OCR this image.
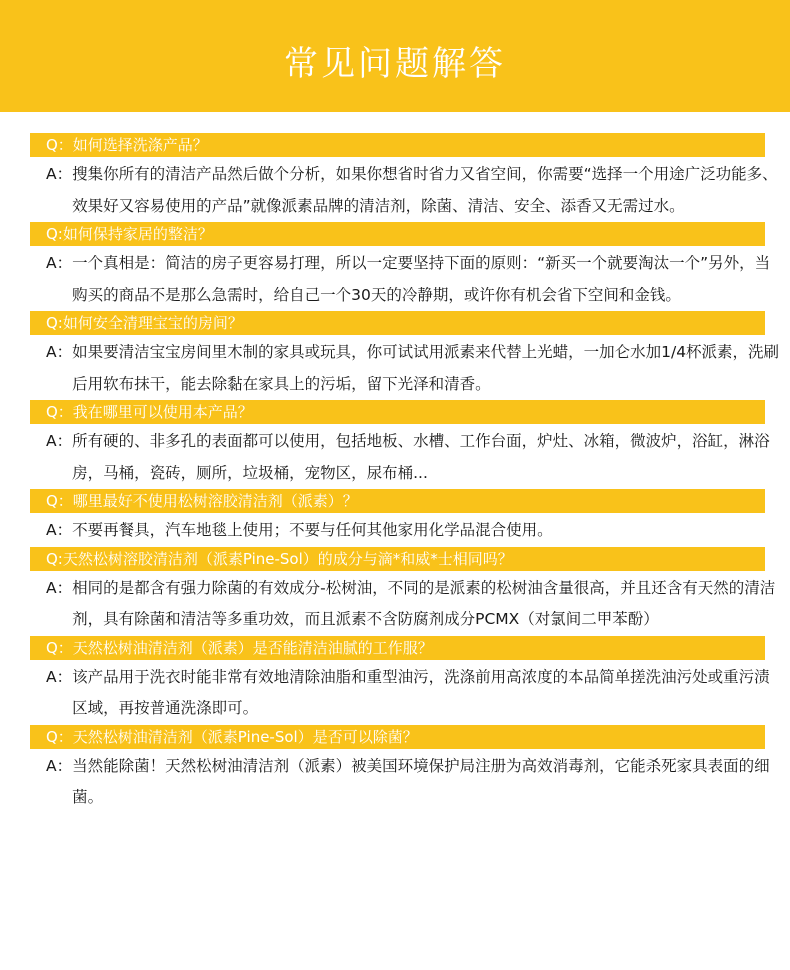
常见问题解答
Q：如何选择洗涤产品？
A： 搜集你所有的清洁产品然后做个分析，如果你想省时省力又省空间，你需要“选择一个用途广泛功能多、效果好又容易使用的产品”就像派素品牌的清洁剂，除菌、清洁、安全、添香又无需过水。
Q:如何保持家居的整洁？
A： 一个真相是：简洁的房子更容易打理，所以一定要坚持下面的原则：“新买一个就要淘汰一个”另外，当购买的商品不是那么急需时，给自己一个30天的冷静期，或许你有机会省下空间和金钱。
Q:如何安全清理宝宝的房间？
A： 如果要清洁宝宝房间里木制的家具或玩具，你可试试用派素来代替上光蜡，一加仑水加1/4杯派素，洗刷后用软布抹干，能去除黏在家具上的污垢，留下光泽和清香。
Q：我在哪里可以使用本产品？
A： 所有硬的、非多孔的表面都可以使用，包括地板、水槽、工作台面，炉灶、冰箱，微波炉，浴缸，淋浴房，马桶，瓷砖，厕所，垃圾桶，宠物区，尿布桶...
Q：哪里最好不使用松树溶胶清洁剂（派素）？
A： 不要再餐具，汽车地毯上使用；不要与任何其他家用化学品混合使用。
Q:天然松树溶胶清洁剂（派素Pine-Sol）的成分与滴*和威*士相同吗？
A： 相同的是都含有强力除菌的有效成分-松树油，不同的是派素的松树油含量很高，并且还含有天然的清洁剂，具有除菌和清洁等多重功效，而且派素不含防腐剂成分PCMX（对氯间二甲苯酚）
Q：天然松树油清洁剂（派素）是否能清洁油腻的工作服？
A： 该产品用于洗衣时能非常有效地清除油脂和重型油污，洗涤前用高浓度的本品简单搓洗油污处或重污渍区域，再按普通洗涤即可。
Q：天然松树油清洁剂（派素Pine-Sol）是否可以除菌？
A： 当然能除菌！天然松树油清洁剂（派素）被美国环境保护局注册为高效消毒剂，它能杀死家具表面的细菌。
